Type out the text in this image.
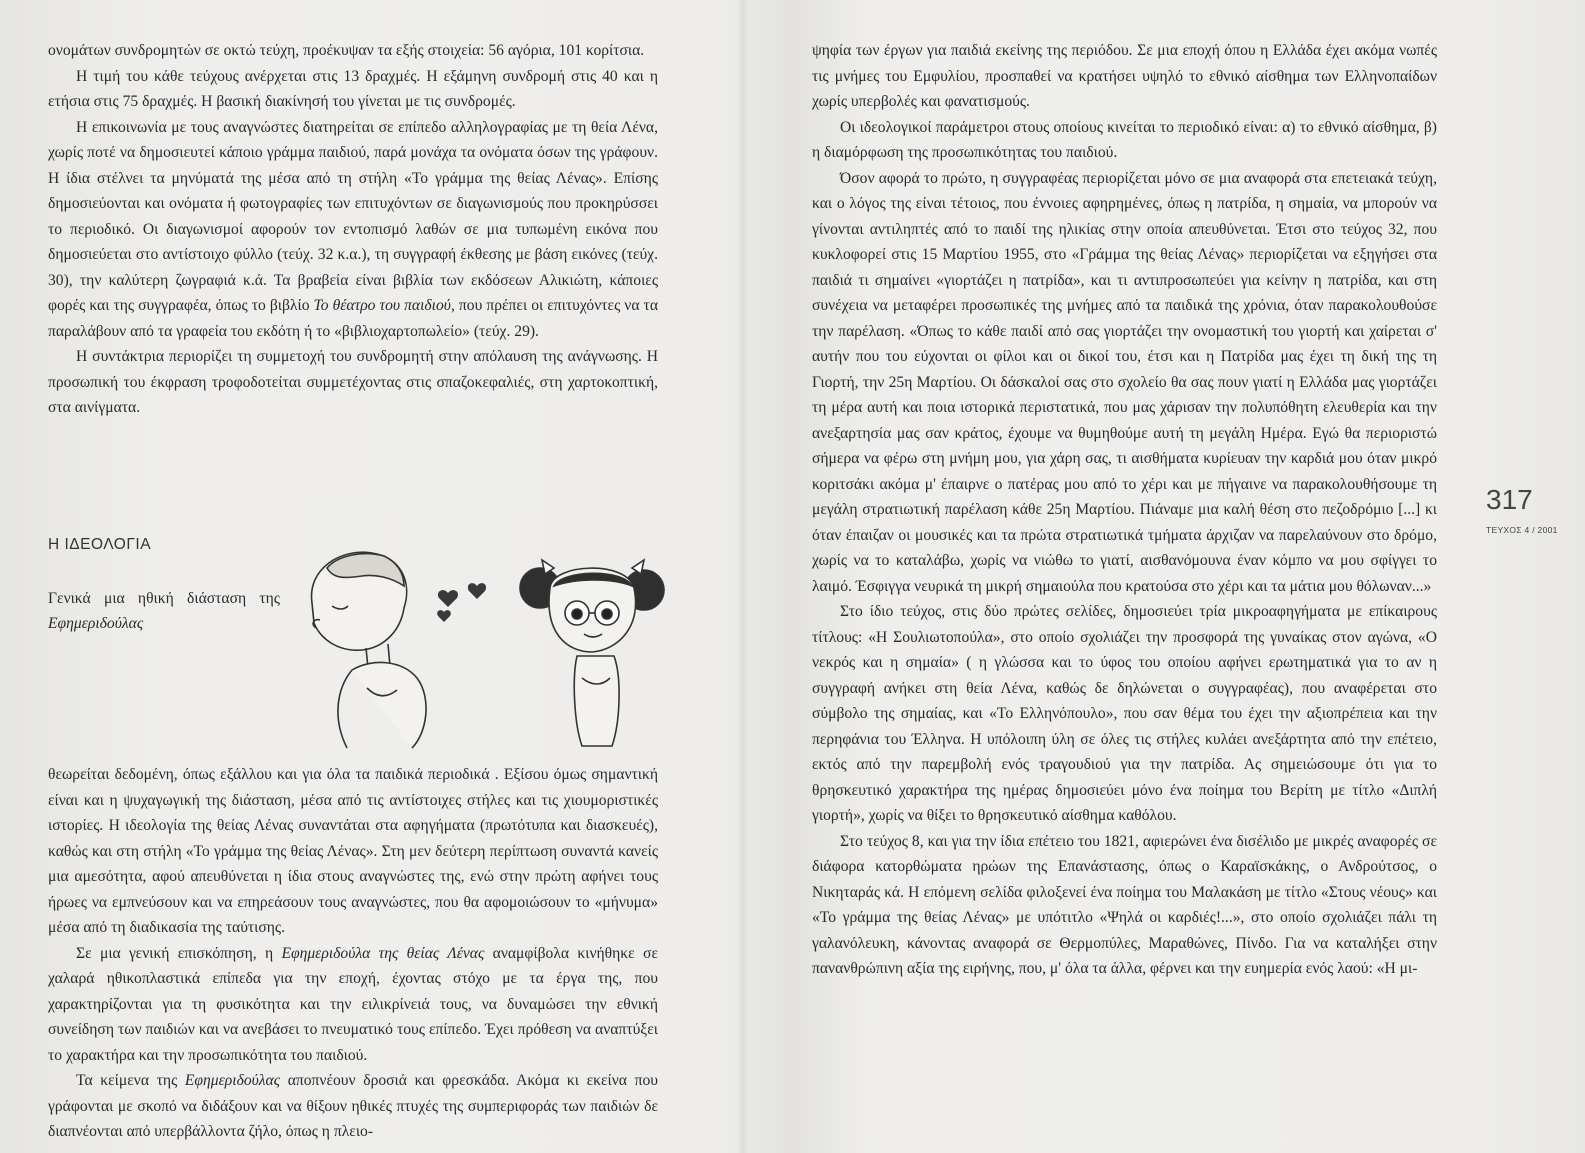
ονομάτων συνδρομητών σε οκτώ τεύχη, προέκυψαν τα εξής στοιχεία: 56 αγόρια, 101 κορίτσια.

Η τιμή του κάθε τεύχους ανέρχεται στις 13 δραχμές. Η εξάμηνη συνδρομή στις 40 και η ετήσια στις 75 δραχμές. Η βασική διακίνησή του γίνεται με τις συνδρομές.

Η επικοινωνία με τους αναγνώστες διατηρείται σε επίπεδο αλληλογραφίας με τη θεία Λένα, χωρίς ποτέ να δημοσιευτεί κάποιο γράμμα παιδιού, παρά μονάχα τα ονόματα όσων της γράφουν. Η ίδια στέλνει τα μηνύματά της μέσα από τη στήλη «Το γράμμα της θείας Λένας». Επίσης δημοσιεύονται και ονόματα ή φωτογραφίες των επιτυχόντων σε διαγωνισμούς που προκηρύσσει το περιοδικό. Οι διαγωνισμοί αφορούν τον εντοπισμό λαθών σε μια τυπωμένη εικόνα που δημοσιεύεται στο αντίστοιχο φύλλο (τεύχ. 32 κ.α.), τη συγγραφή έκθεσης με βάση εικόνες (τεύχ. 30), την καλύτερη ζωγραφιά κ.ά. Τα βραβεία είναι βιβλία των εκδόσεων Αλικιώτη, κάποιες φορές και της συγγραφέα, όπως το βιβλίο Το θέατρο του παιδιού, που πρέπει οι επιτυχόντες να τα παραλάβουν από τα γραφεία του εκδότη ή το «βιβλιοχαρτοπωλείο» (τεύχ. 29).

Η συντάκτρια περιορίζει τη συμμετοχή του συνδρομητή στην απόλαυση της ανάγνωσης. Η προσωπική του έκφραση τροφοδοτείται συμμετέχοντας στις σπαζοκεφαλιές, στη χαρτοκοπτική, στα αινίγματα.

Η ΙΔΕΟΛΟΓΙΑ

Γενικά μια ηθική διάσταση της Εφημεριδούλας

θεωρείται δεδομένη, όπως εξάλλου και για όλα τα παιδικά περιοδικά . Εξίσου όμως σημαντική είναι και η ψυχαγωγική της διάσταση, μέσα από τις αντίστοιχες στήλες και τις χιουμοριστικές ιστορίες. Η ιδεολογία της θείας Λένας συναντάται στα αφηγήματα (πρωτότυπα και διασκευές), καθώς και στη στήλη «Το γράμμα της θείας Λένας». Στη μεν δεύτερη περίπτωση συναντά κανείς μια αμεσότητα, αφού απευθύνεται η ίδια στους αναγνώστες της, ενώ στην πρώτη αφήνει τους ήρωες να εμπνεύσουν και να επηρεάσουν τους αναγνώστες, που θα αφομοιώσουν το «μήνυμα» μέσα από τη διαδικασία της ταύτισης.

Σε μια γενική επισκόπηση, η Εφημεριδούλα της θείας Λένας αναμφίβολα κινήθηκε σε χαλαρά ηθικοπλαστικά επίπεδα για την εποχή, έχοντας στόχο με τα έργα της, που χαρακτηρίζονται για τη φυσικότητα και την ειλικρίνειά τους, να δυναμώσει την εθνική συνείδηση των παιδιών και να ανεβάσει το πνευματικό τους επίπεδο. Έχει πρόθεση να αναπτύξει το χαρακτήρα και την προσωπικότητα του παιδιού.

Τα κείμενα της Εφημεριδούλας αποπνέουν δροσιά και φρεσκάδα. Ακόμα κι εκείνα που γράφονται με σκοπό να διδάξουν και να θίξουν ηθικές πτυχές της συμπεριφοράς των παιδιών δε διαπνέονται από υπερβάλλοντα ζήλο, όπως η πλειο-

ψηφία των έργων για παιδιά εκείνης της περιόδου. Σε μια εποχή όπου η Ελλάδα έχει ακόμα νωπές τις μνήμες του Εμφυλίου, προσπαθεί να κρατήσει υψηλό το εθνικό αίσθημα των Ελληνοπαίδων χωρίς υπερβολές και φανατισμούς.

Οι ιδεολογικοί παράμετροι στους οποίους κινείται το περιοδικό είναι: α) το εθνικό αίσθημα, β) η διαμόρφωση της προσωπικότητας του παιδιού.

Όσον αφορά το πρώτο, η συγγραφέας περιορίζεται μόνο σε μια αναφορά στα επετειακά τεύχη, και ο λόγος της είναι τέτοιος, που έννοιες αφηρημένες, όπως η πατρίδα, η σημαία, να μπορούν να γίνονται αντιληπτές από το παιδί της ηλικίας στην οποία απευθύνεται. Έτσι στο τεύχος 32, που κυκλοφορεί στις 15 Μαρτίου 1955, στο «Γράμμα της θείας Λένας» περιορίζεται να εξηγήσει στα παιδιά τι σημαίνει «γιορτάζει η πατρίδα», και τι αντιπροσωπεύει για κείνην η πατρίδα, και στη συνέχεια να μεταφέρει προσωπικές της μνήμες από τα παιδικά της χρόνια, όταν παρακολουθούσε την παρέλαση. «Όπως το κάθε παιδί από σας γιορτάζει την ονομαστική του γιορτή και χαίρεται σ' αυτήν που του εύχονται οι φίλοι και οι δικοί του, έτσι και η Πατρίδα μας έχει τη δική της τη Γιορτή, την 25η Μαρτίου. Οι δάσκαλοί σας στο σχολείο θα σας πουν γιατί η Ελλάδα μας γιορτάζει τη μέρα αυτή και ποια ιστορικά περιστατικά, που μας χάρισαν την πολυπόθητη ελευθερία και την ανεξαρτησία μας σαν κράτος, έχουμε να θυμηθούμε αυτή τη μεγάλη Ημέρα. Εγώ θα περιοριστώ σήμερα να φέρω στη μνήμη μου, για χάρη σας, τι αισθήματα κυρίευαν την καρδιά μου όταν μικρό κοριτσάκι ακόμα μ' έπαιρνε ο πατέρας μου από το χέρι και με πήγαινε να παρακολουθήσουμε τη μεγάλη στρατιωτική παρέλαση κάθε 25η Μαρτίου. Πιάναμε μια καλή θέση στο πεζοδρόμιο [...] κι όταν έπαιζαν οι μουσικές και τα πρώτα στρατιωτικά τμήματα άρχιζαν να παρελαύνουν στο δρόμο, χωρίς να το καταλάβω, χωρίς να νιώθω το γιατί, αισθανόμουνα έναν κόμπο να μου σφίγγει το λαιμό. Έσφιγγα νευρικά τη μικρή σημαιούλα που κρατούσα στο χέρι και τα μάτια μου θόλωναν...»

Στο ίδιο τεύχος, στις δύο πρώτες σελίδες, δημοσιεύει τρία μικροαφηγήματα με επίκαιρους τίτλους: «Η Σουλιωτοπούλα», στο οποίο σχολιάζει την προσφορά της γυναίκας στον αγώνα, «Ο νεκρός και η σημαία» ( η γλώσσα και το ύφος του οποίου αφήνει ερωτηματικά για το αν η συγγραφή ανήκει στη θεία Λένα, καθώς δε δηλώνεται ο συγγραφέας), που αναφέρεται στο σύμβολο της σημαίας, και «Το Ελληνόπουλο», που σαν θέμα του έχει την αξιοπρέπεια και την περηφάνια του Έλληνα. Η υπόλοιπη ύλη σε όλες τις στήλες κυλάει ανεξάρτητα από την επέτειο, εκτός από την παρεμβολή ενός τραγουδιού για την πατρίδα. Ας σημειώσουμε ότι για το θρησκευτικό χαρακτήρα της ημέρας δημοσιεύει μόνο ένα ποίημα του Βερίτη με τίτλο «Διπλή γιορτή», χωρίς να θίξει το θρησκευτικό αίσθημα καθόλου.

Στο τεύχος 8, και για την ίδια επέτειο του 1821, αφιερώνει ένα δισέλιδο με μικρές αναφορές σε διάφορα κατορθώματα ηρώων της Επανάστασης, όπως ο Καραϊσκάκης, ο Ανδρούτσος, ο Νικηταράς κά. Η επόμενη σελίδα φιλοξενεί ένα ποίημα του Μαλακάση με τίτλο «Στους νέους» και «Το γράμμα της θείας Λένας» με υπότιτλο «Ψηλά οι καρδιές!...», στο οποίο σχολιάζει πάλι τη γαλανόλευκη, κάνοντας αναφορά σε Θερμοπύλες, Μαραθώνες, Πίνδο. Για να καταλήξει στην πανανθρώπινη αξία της ειρήνης, που, μ' όλα τα άλλα, φέρνει και την ευημερία ενός λαού: «Η μι-

317
ΤΕΥΧΟΣ 4 / 2001
